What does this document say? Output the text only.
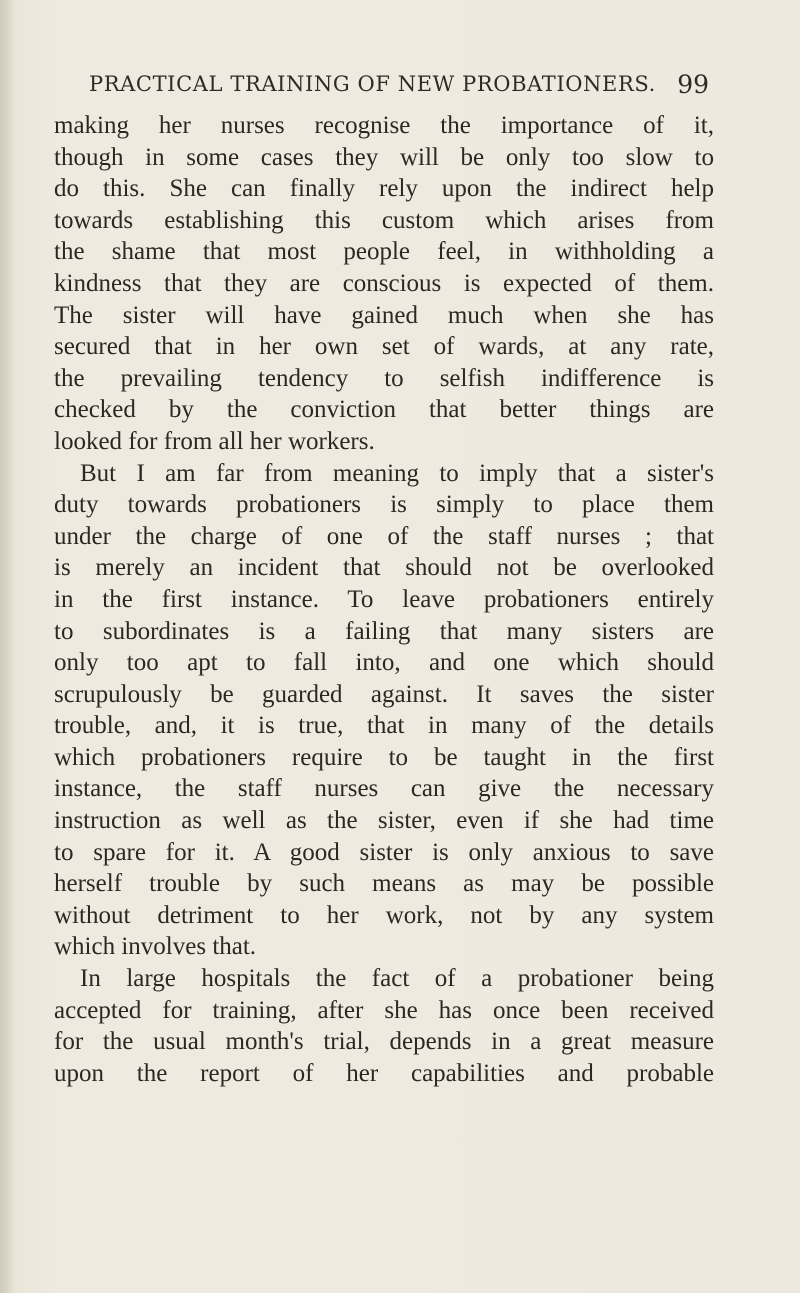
PRACTICAL TRAINING OF NEW PROBATIONERS. 99
making her nurses recognise the importance of it,
though in some cases they will be only too slow to
do this. She can finally rely upon the indirect help
towards establishing this custom which arises from
the shame that most people feel, in withholding a
kindness that they are conscious is expected of them.
The sister will have gained much when she has
secured that in her own set of wards, at any rate,
the prevailing tendency to selfish indifference is
checked by the conviction that better things are
looked for from all her workers.
But I am far from meaning to imply that a sister's
duty towards probationers is simply to place them
under the charge of one of the staff nurses ; that
is merely an incident that should not be overlooked
in the first instance. To leave probationers entirely
to subordinates is a failing that many sisters are
only too apt to fall into, and one which should
scrupulously be guarded against. It saves the sister
trouble, and, it is true, that in many of the details
which probationers require to be taught in the first
instance, the staff nurses can give the necessary
instruction as well as the sister, even if she had time
to spare for it. A good sister is only anxious to save
herself trouble by such means as may be possible
without detriment to her work, not by any system
which involves that.
In large hospitals the fact of a probationer being
accepted for training, after she has once been received
for the usual month's trial, depends in a great measure
upon the report of her capabilities and probable
